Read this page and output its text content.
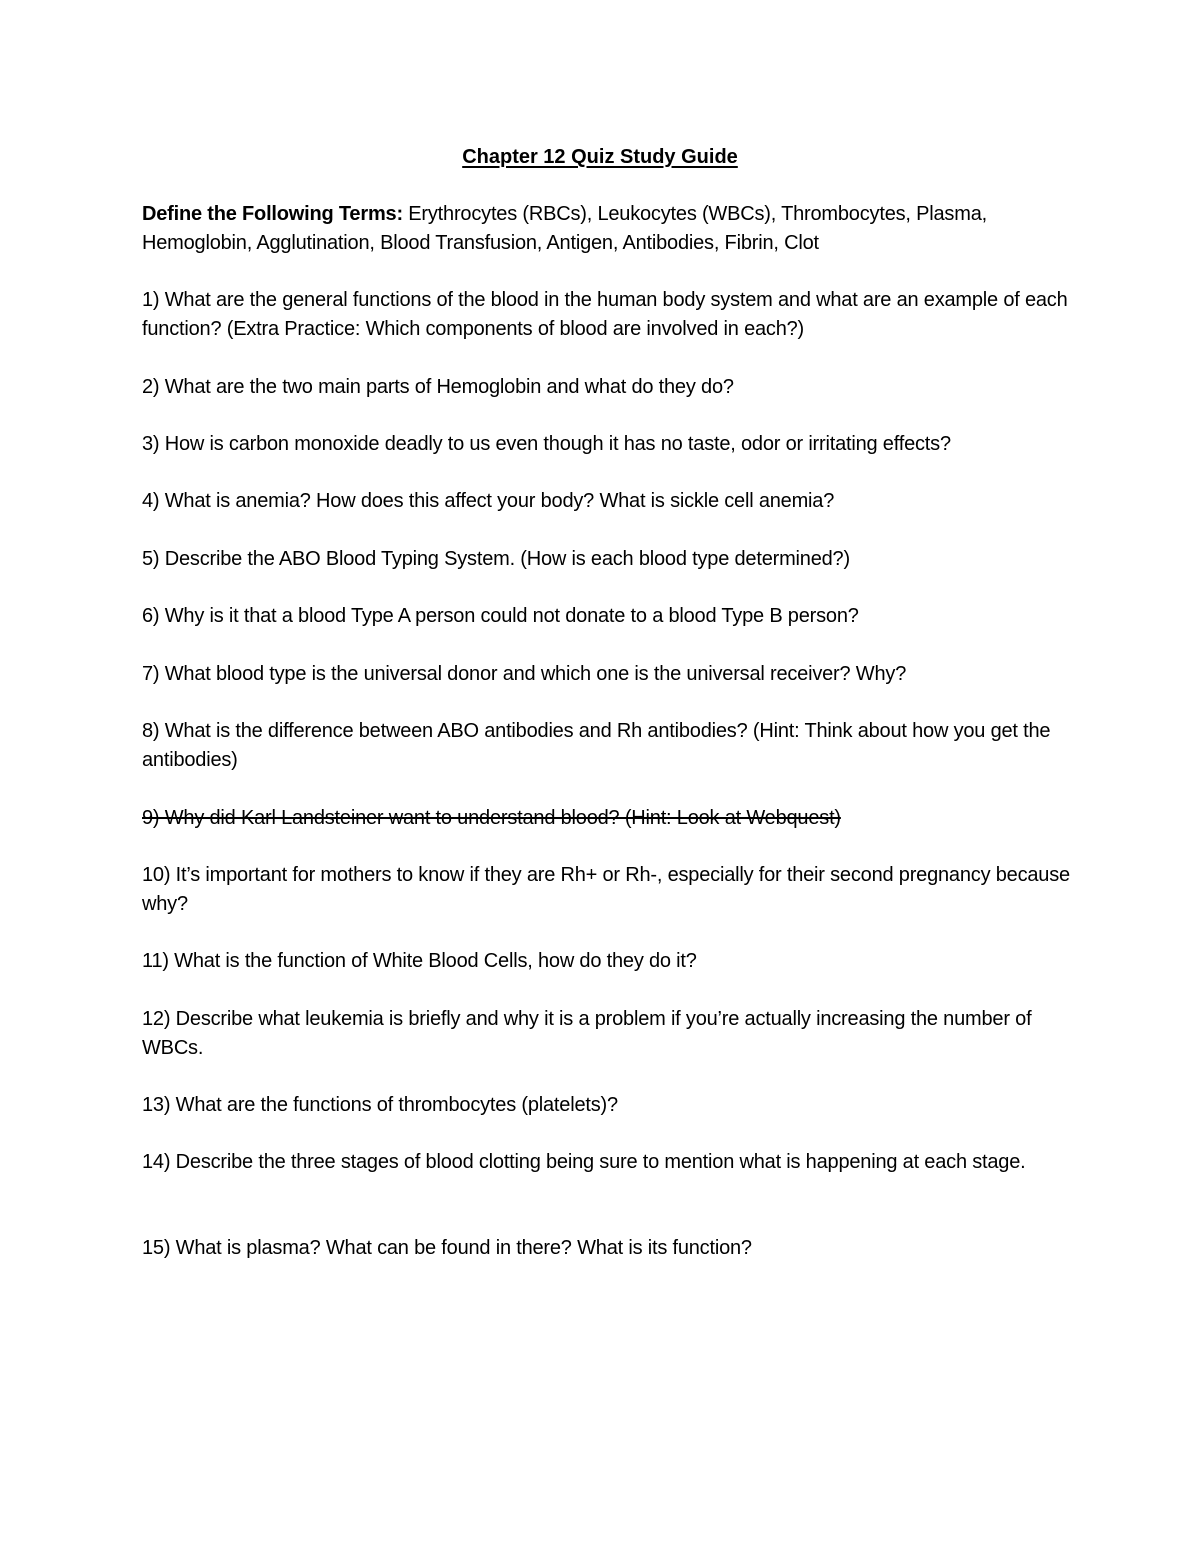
Chapter 12 Quiz Study Guide
Define the Following Terms: Erythrocytes (RBCs), Leukocytes (WBCs), Thrombocytes, Plasma, Hemoglobin, Agglutination, Blood Transfusion, Antigen, Antibodies, Fibrin, Clot
1) What are the general functions of the blood in the human body system and what are an example of each function? (Extra Practice: Which components of blood are involved in each?)
2) What are the two main parts of Hemoglobin and what do they do?
3) How is carbon monoxide deadly to us even though it has no taste, odor or irritating effects?
4) What is anemia? How does this affect your body? What is sickle cell anemia?
5) Describe the ABO Blood Typing System. (How is each blood type determined?)
6) Why is it that a blood Type A person could not donate to a blood Type B person?
7) What blood type is the universal donor and which one is the universal receiver? Why?
8) What is the difference between ABO antibodies and Rh antibodies? (Hint: Think about how you get the antibodies)
9) Why did Karl Landsteiner want to understand blood? (Hint: Look at Webquest)
10) It’s important for mothers to know if they are Rh+ or Rh-, especially for their second pregnancy because why?
11) What is the function of White Blood Cells, how do they do it?
12) Describe what leukemia is briefly and why it is a problem if you’re actually increasing the number of WBCs.
13) What are the functions of thrombocytes (platelets)?
14) Describe the three stages of blood clotting being sure to mention what is happening at each stage.
15) What is plasma? What can be found in there? What is its function?
